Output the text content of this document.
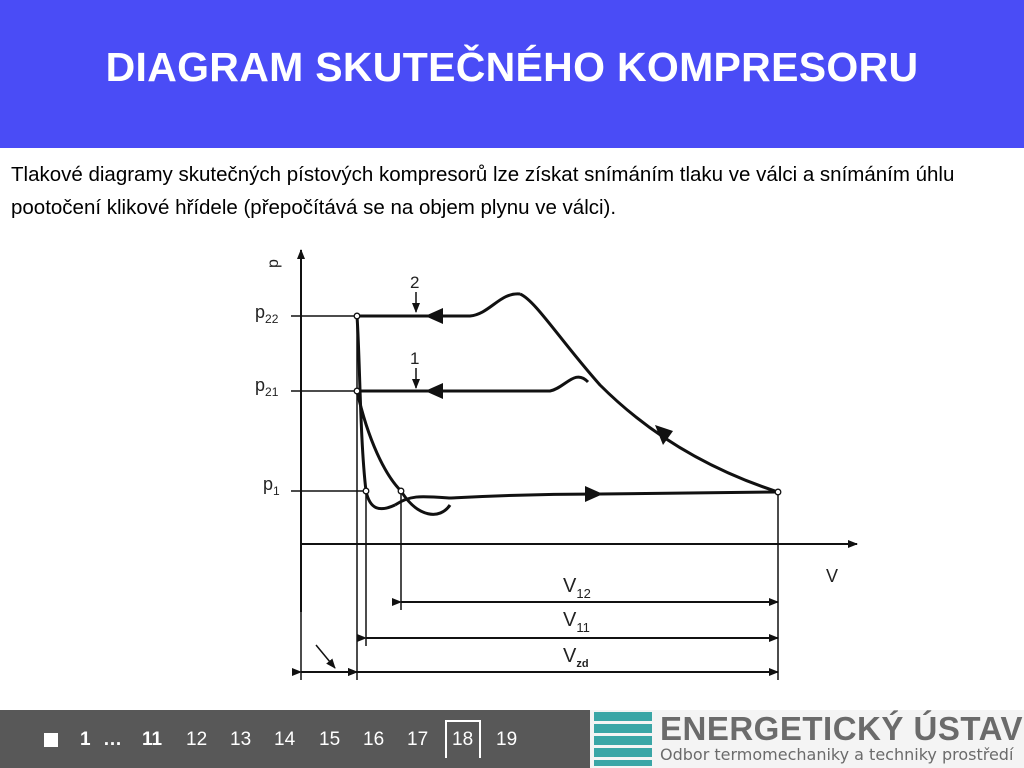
DIAGRAM SKUTEČNÉHO KOMPRESORU
Tlakové diagramy skutečných pístových kompresorů lze získat snímáním tlaku ve válci a snímáním úhlu pootočení klikové hřídele (přepočítává se na objem plynu ve válci).
p
V
$p_{22}$
$p_{21}$
$p_1$
2
1
$V_{12}$
$V_{11}$
$V_{zd}$
1 … 11 12 13 14 15 16 17 18 19	ENERGETICKÝ ÚSTAV
Odbor termomechaniky a techniky prostředí
